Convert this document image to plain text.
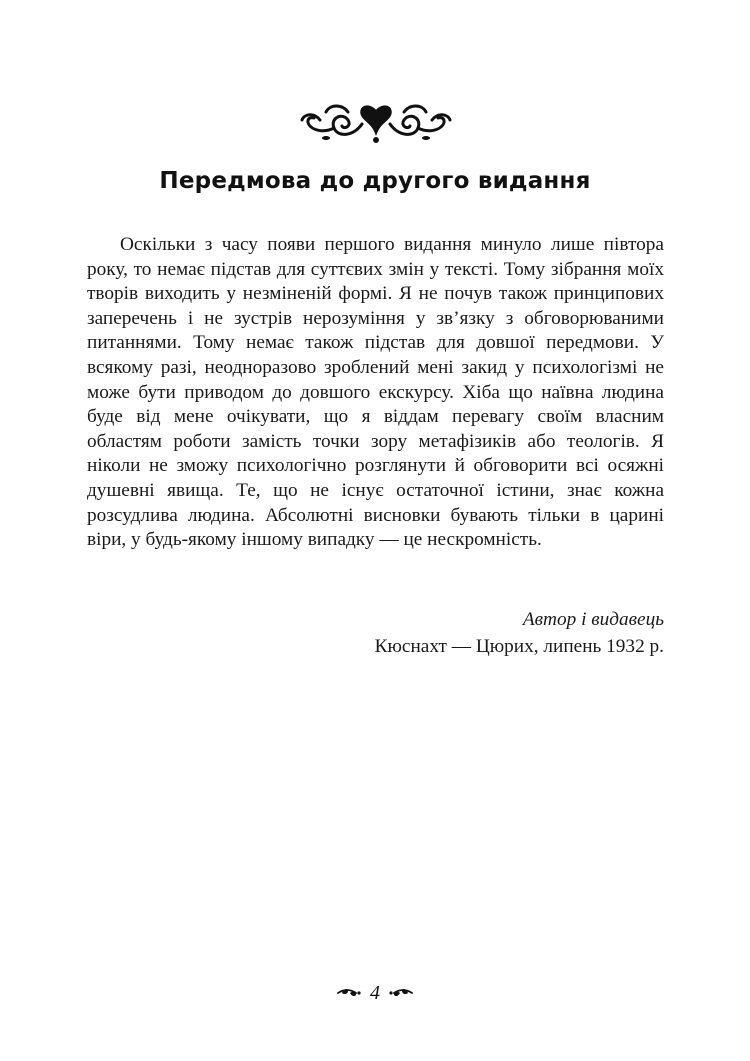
Передмова до другого видання

Оскільки з часу появи першого видання минуло лише півтора року, то немає підстав для суттєвих змін у тексті. Тому зібрання моїх творів виходить у незміненій формі. Я не почув також принципових заперечень і не зустрів нерозуміння у зв’язку з обговорюваними питаннями. Тому немає також підстав для довшої передмови. У всякому разі, неодноразово зроблений мені закид у психологізмі не може бути приводом до довшого екскурсу. Хіба що наївна людина буде від мене очікувати, що я віддам перевагу своїм власним областям роботи замість точки зору метафізиків або теологів. Я ніколи не зможу психологічно розглянути й обговорити всі осяжні душевні явища. Те, що не існує остаточної істини, знає кожна розсудлива людина. Абсолютні висновки бувають тільки в царині віри, у будь-якому іншому випадку — це нескромність.

Автор і видавець
Кюснахт — Цюрих, липень 1932 р.
4
